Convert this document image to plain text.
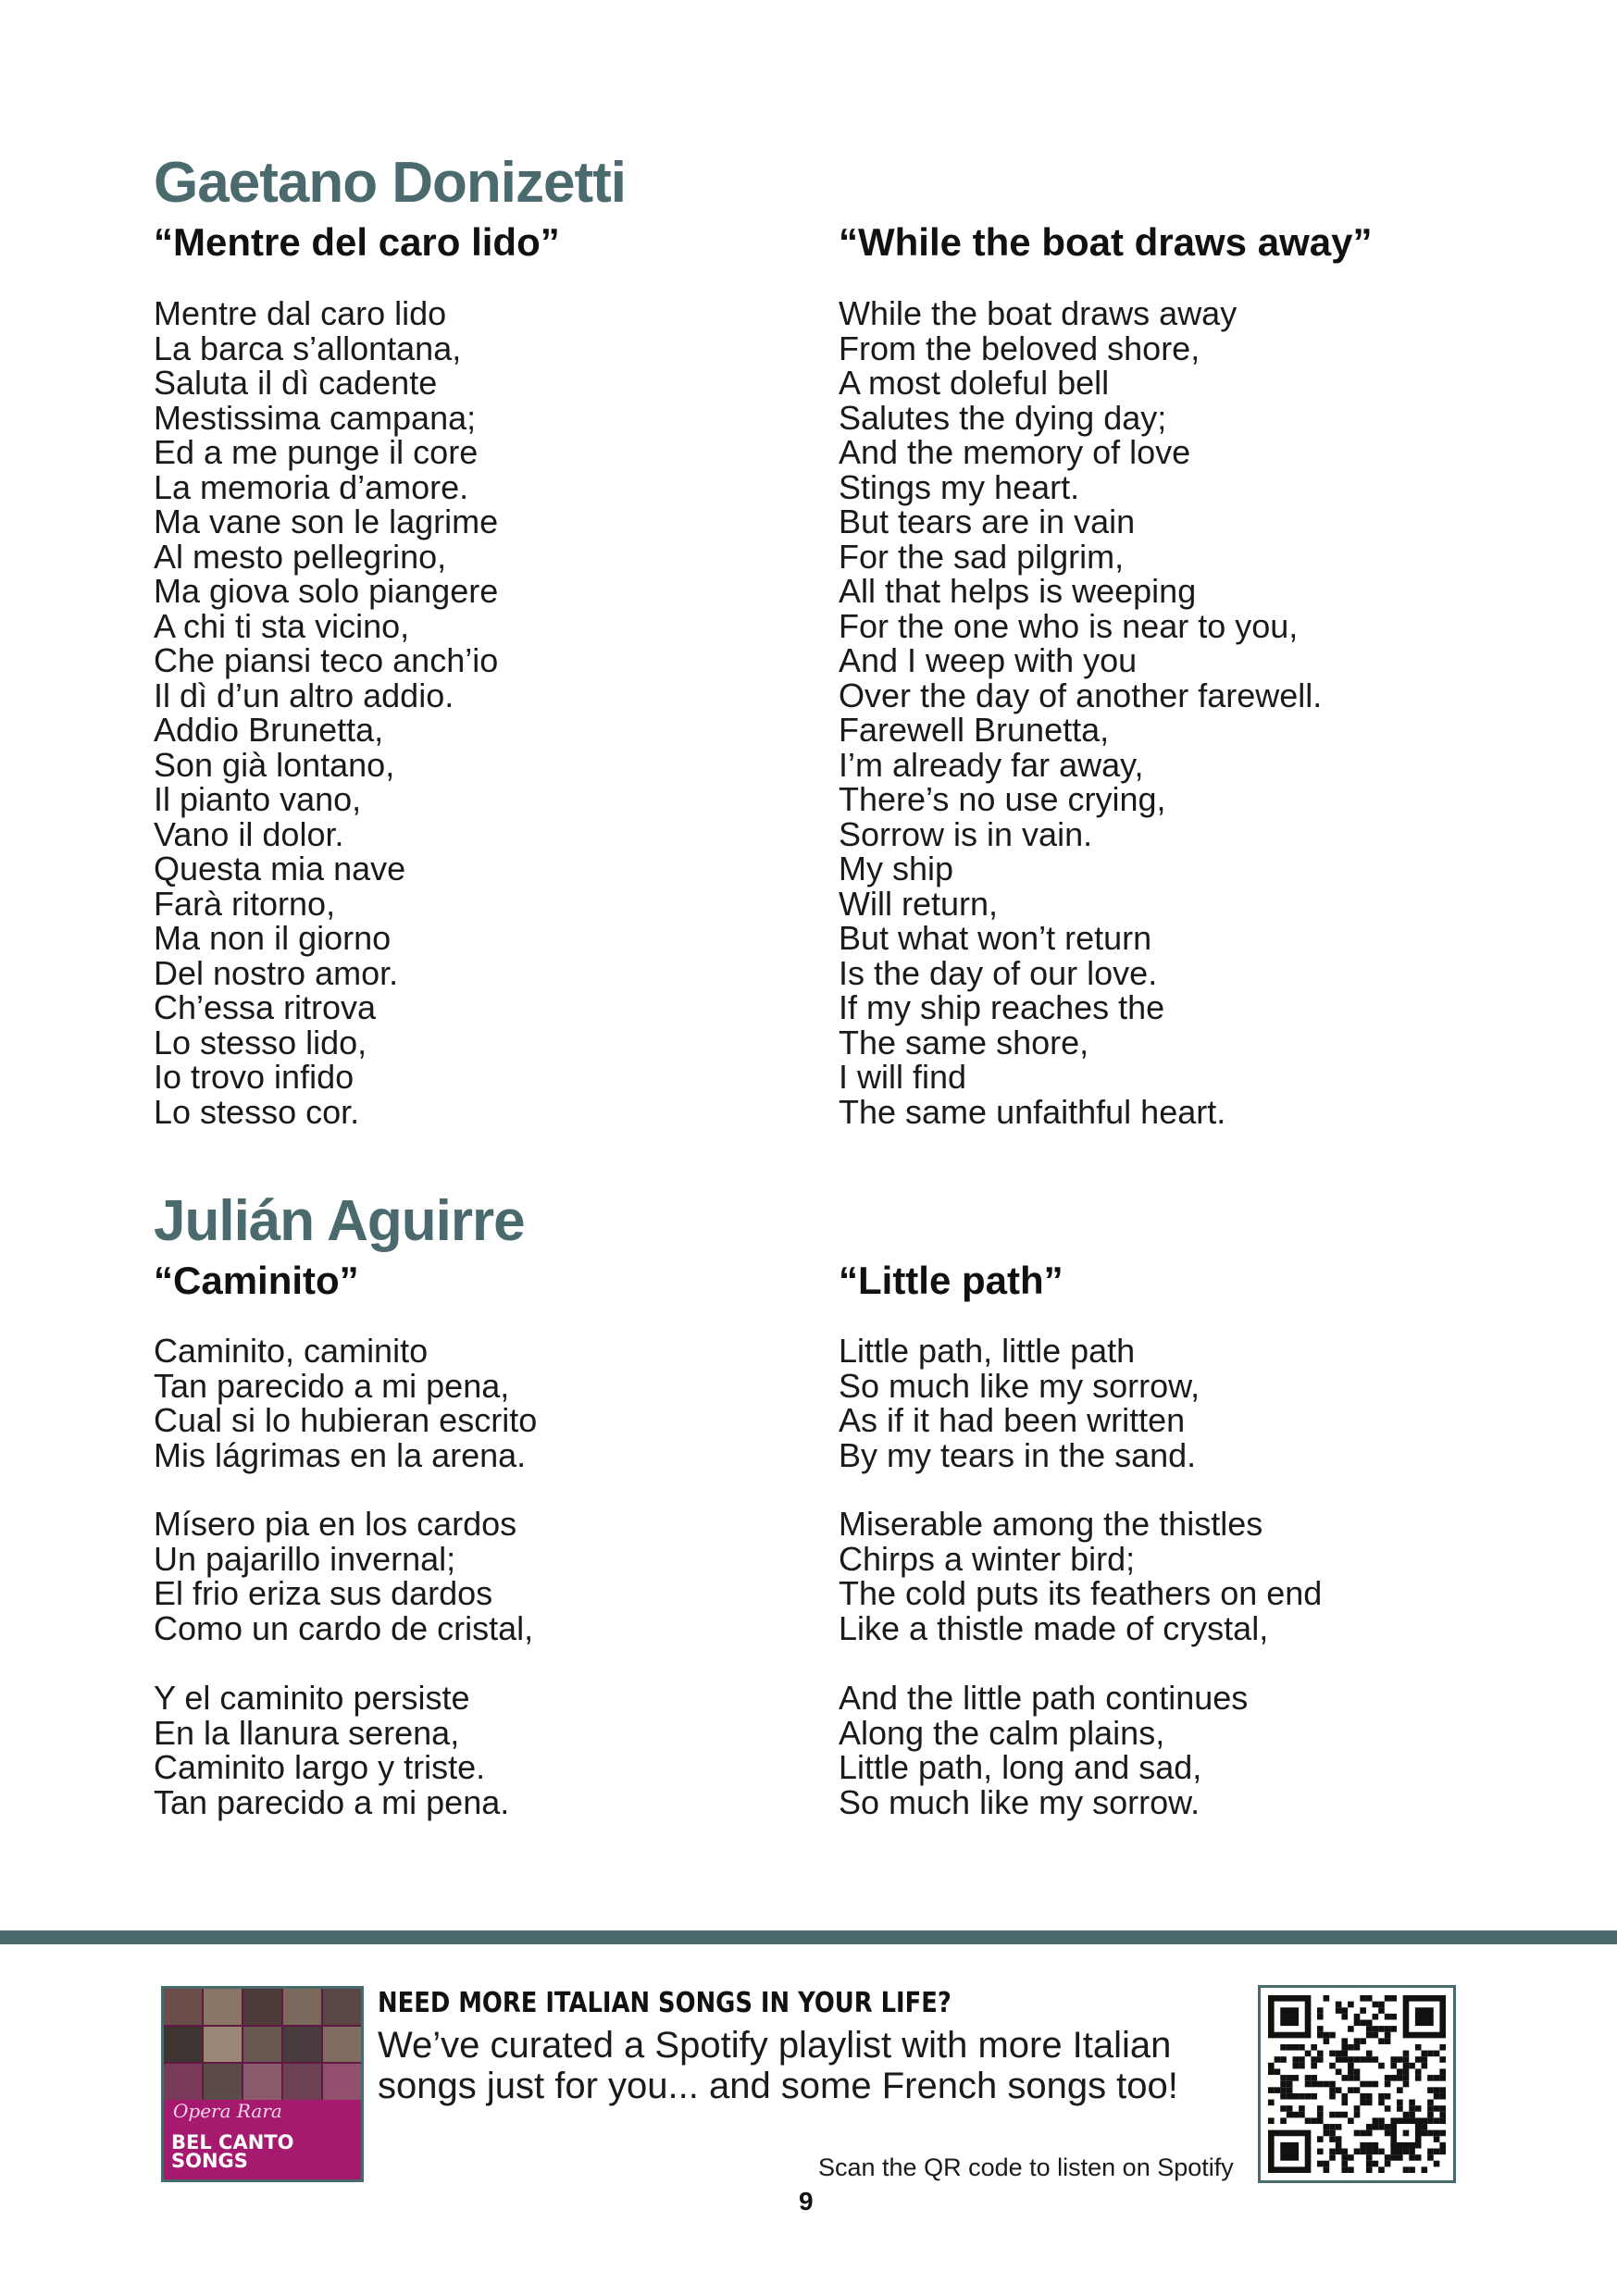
Gaetano Donizetti
“Mentre del caro lido”	“While the boat draws away”
Mentre dal caro lido
La barca s’allontana,
Saluta il dì cadente
Mestissima campana;
Ed a me punge il core
La memoria d’amore.
Ma vane son le lagrime
Al mesto pellegrino,
Ma giova solo piangere
A chi ti sta vicino,
Che piansi teco anch’io
Il dì d’un altro addio.
Addio Brunetta,
Son già lontano,
Il pianto vano,
Vano il dolor.
Questa mia nave
Farà ritorno,
Ma non il giorno
Del nostro amor.
Ch’essa ritrova
Lo stesso lido,
Io trovo infido
Lo stesso cor.
While the boat draws away
From the beloved shore,
A most doleful bell
Salutes the dying day;
And the memory of love
Stings my heart.
But tears are in vain
For the sad pilgrim,
All that helps is weeping
For the one who is near to you,
And I weep with you
Over the day of another farewell.
Farewell Brunetta,
I’m already far away,
There’s no use crying,
Sorrow is in vain.
My ship
Will return,
But what won’t return
Is the day of our love.
If my ship reaches the
The same shore,
I will find
The same unfaithful heart.
Julián Aguirre
“Caminito”	“Little path”
Caminito, caminito
Tan parecido a mi pena,
Cual si lo hubieran escrito
Mis lágrimas en la arena.
Mísero pia en los cardos
Un pajarillo invernal;
El frio eriza sus dardos
Como un cardo de cristal,
Y el caminito persiste
En la llanura serena,
Caminito largo y triste.
Tan parecido a mi pena.
Little path, little path
So much like my sorrow,
As if it had been written
By my tears in the sand.
Miserable among the thistles
Chirps a winter bird;
The cold puts its feathers on end
Like a thistle made of crystal,
And the little path continues
Along the calm plains,
Little path, long and sad,
So much like my sorrow.
Opera Rara
BEL CANTO SONGS

NEED MORE ITALIAN SONGS IN YOUR LIFE?

We’ve curated a Spotify playlist with more Italian songs just for you... and some French songs too!

Scan the QR code to listen on Spotify

9
